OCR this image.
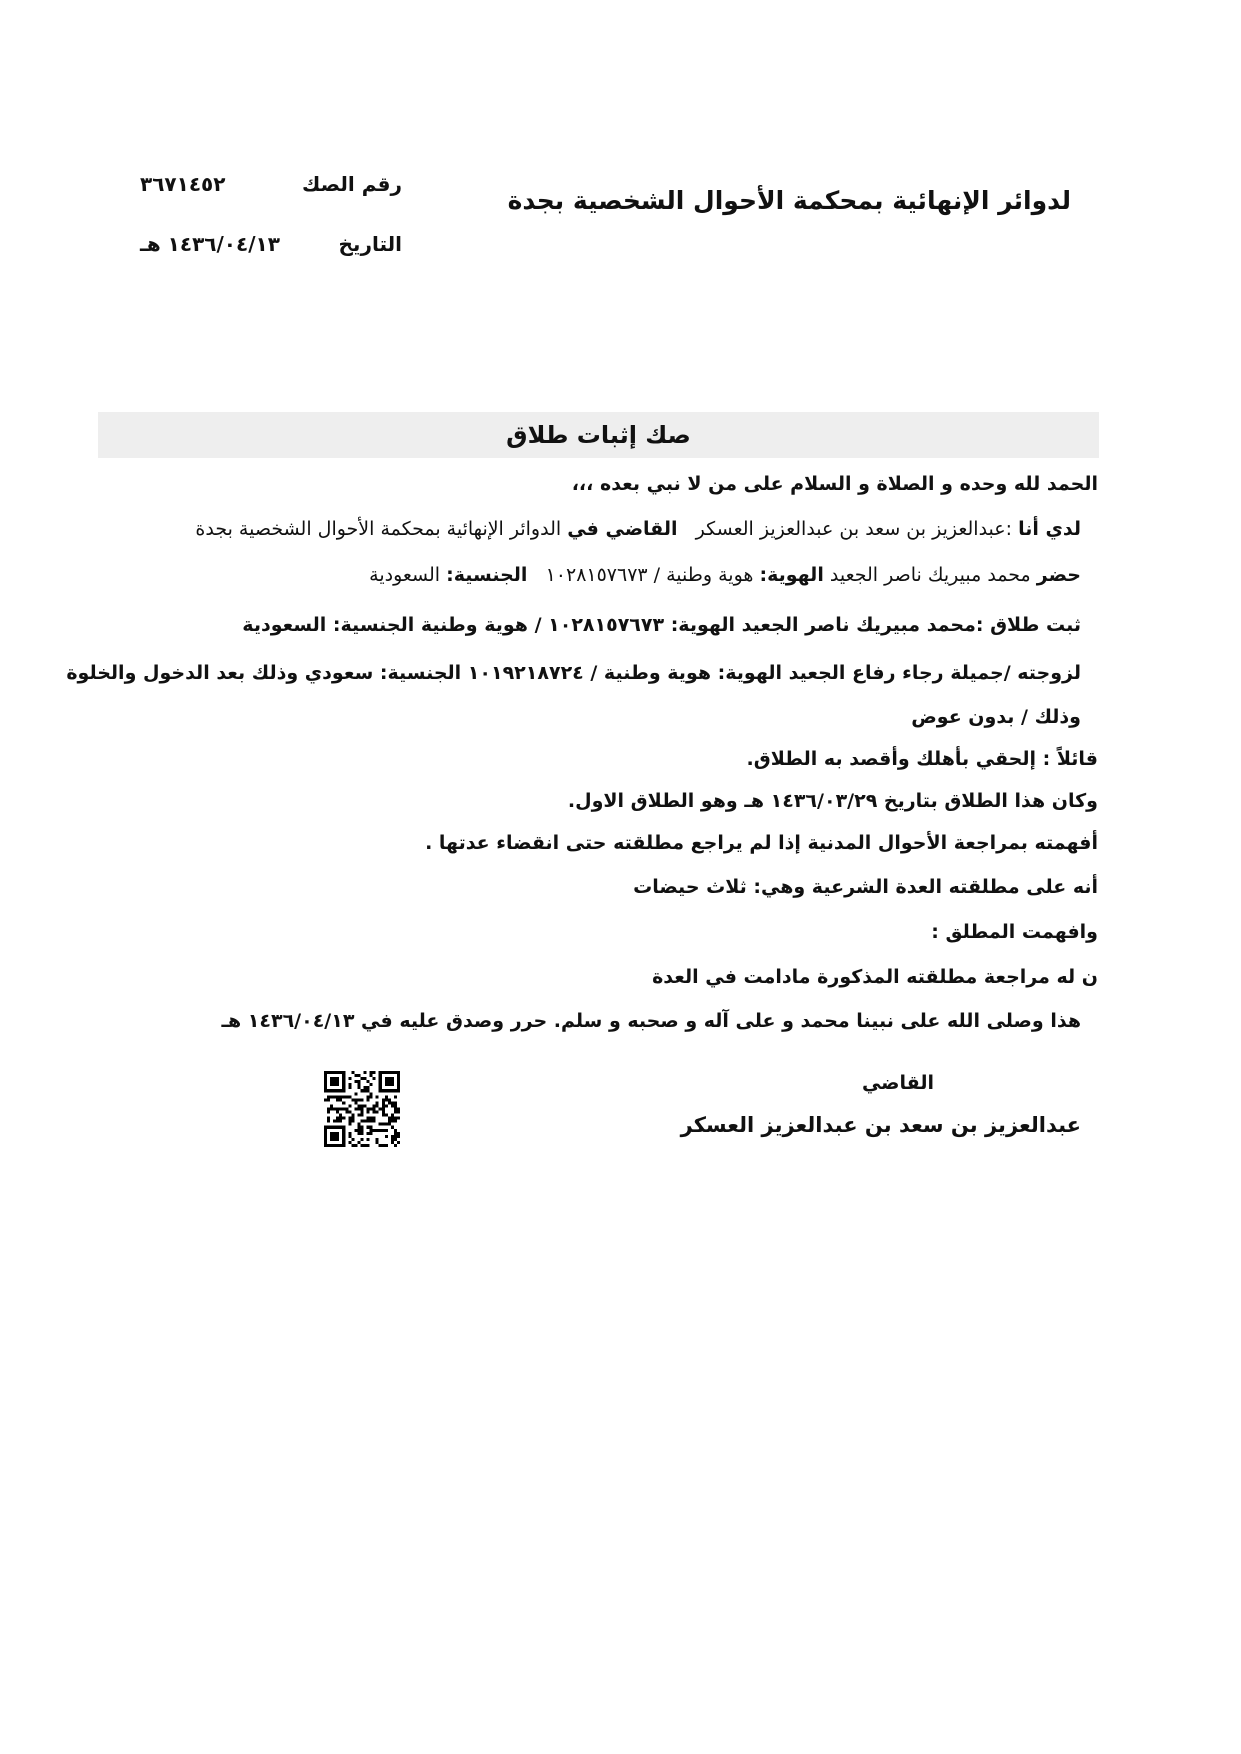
لدوائر الإنهائية بمحكمة الأحوال الشخصية بجدة
رقم الصك
٣٦٧١٤٥٢
التاريخ
١٤٣٦/٠٤/١٣ هـ
صك إثبات طلاق
الحمد لله وحده و الصلاة و السلام على من لا نبي بعده ،،،
لدي أنا :عبدالعزيز بن سعد بن عبدالعزيز العسكر   القاضي في الدوائر الإنهائية بمحكمة الأحوال الشخصية بجدة
حضر محمد مبيريك ناصر الجعيد الهوية: هوية وطنية / ١٠٢٨١٥٧٦٧٣   الجنسية: السعودية
ثبت طلاق :محمد مبيريك ناصر الجعيد الهوية: ١٠٢٨١٥٧٦٧٣ / هوية وطنية الجنسية: السعودية
لزوجته /جميلة رجاء رفاع الجعيد الهوية: هوية وطنية / ١٠١٩٢١٨٧٢٤ الجنسية: سعودي وذلك بعد الدخول والخلوة
وذلك / بدون عوض
قائلاً : إلحقي بأهلك وأقصد به الطلاق.
وكان هذا الطلاق بتاريخ ١٤٣٦/٠٣/٢٩ هـ وهو الطلاق الاول.
أفهمته بمراجعة الأحوال المدنية إذا لم يراجع مطلقته حتى انقضاء عدتها .
أنه على مطلقته العدة الشرعية وهي: ثلاث حيضات
وافهمت المطلق :
ن له مراجعة مطلقته المذكورة مادامت في العدة
هذا وصلى الله على نبينا محمد و على آله و صحبه و سلم. حرر وصدق عليه في ١٤٣٦/٠٤/١٣ هـ
القاضي
عبدالعزيز بن سعد بن عبدالعزيز العسكر
